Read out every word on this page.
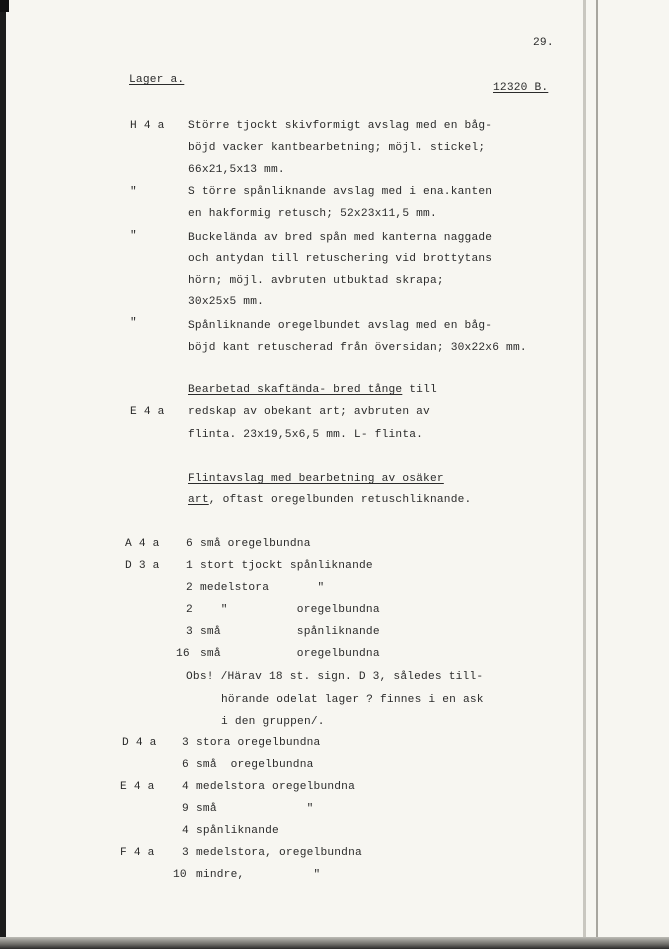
29.
Lager a.
12320 B.
H 4 a Större tjockt skivformigt avslag med en båg-
böjd vacker kantbearbetning; möjl. stickel;
66x21,5x13 mm.
"	S törre spånliknande avslag med i ena.kanten
en hakformig retusch; 52x23x11,5 mm.
"	Buckelända av bred spån med kanterna naggade
och antydan till retuschering vid brottytans
hörn; möjl. avbruten utbuktad skrapa;
30x25x5 mm.
"	Spånliknande oregelbundet avslag med en båg-
böjd kant retuscherad från översidan; 30x22x6 mm.
Bearbetad skaftända- bred tånge till
E 4 a redskap av obekant art; avbruten av
flinta. 23x19,5x6,5 mm. L- flinta.
Flintavslag med bearbetning av osäker
art, oftast oregelbunden retuschliknande.
A 4 a 6 små oregelbundna
D 3 a 1 stort tjockt spånliknande
2 medelstora       "
2 "          oregelbundna
3 små           spånliknande
16 små           oregelbundna
Obs! /Härav 18 st. sign. D 3, således till-
hörande odelat lager ? finnes i en ask
i den gruppen/.
D 4 a 3 stora oregelbundna
6 små  oregelbundna
E 4 a 4 medelstora oregelbundna
9 små             "
4 spånliknande
F 4 a 3 medelstora, oregelbundna
10 mindre,          "
